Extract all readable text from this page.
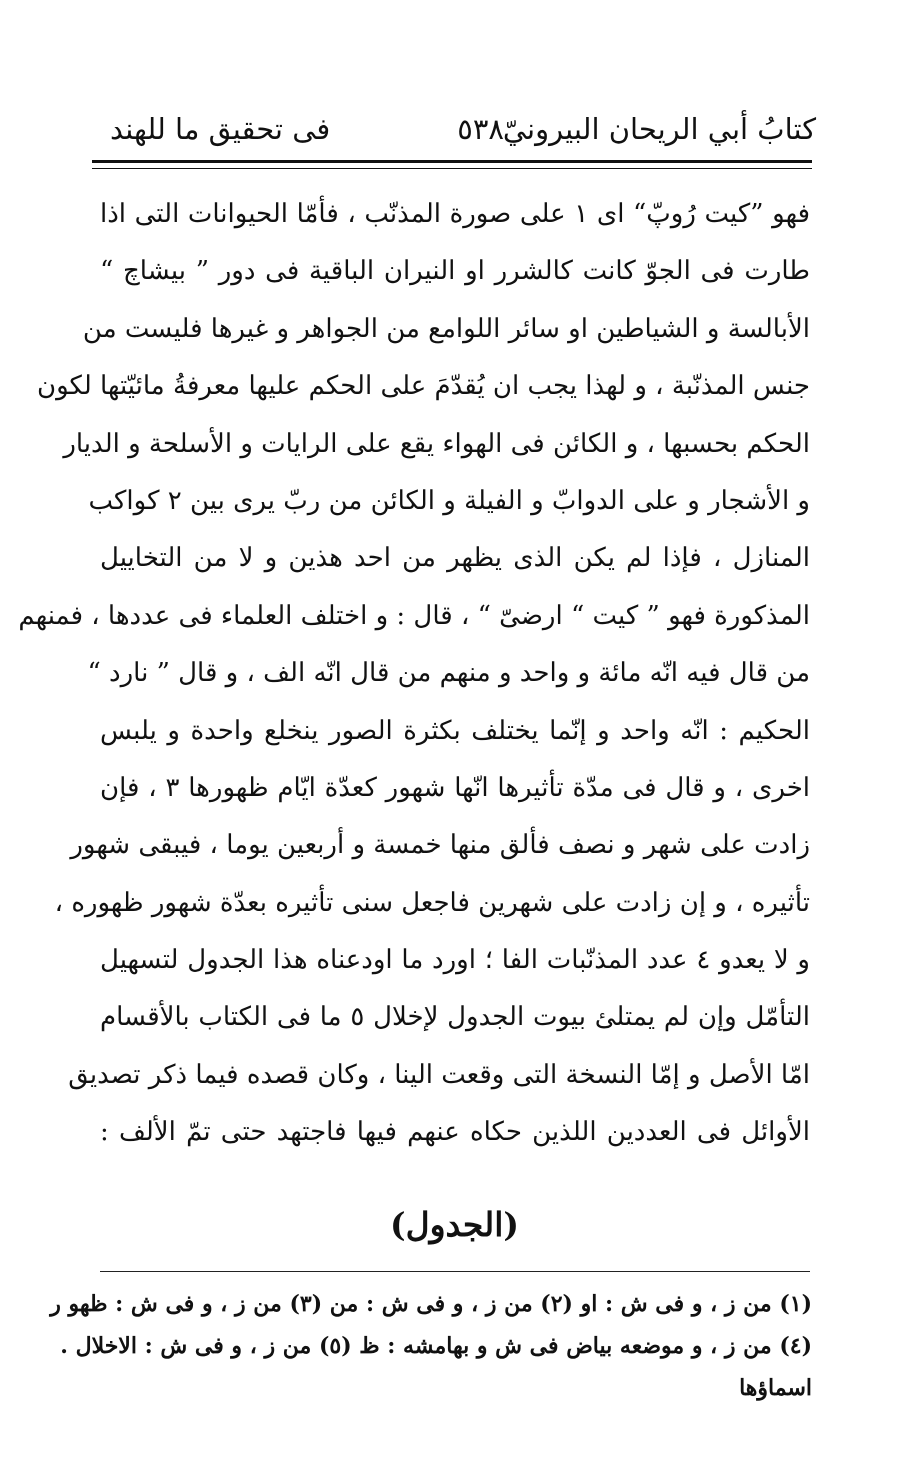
كتابُ أبي الريحان البيرونيّ
٥٣٨
فى تحقيق ما للهند
فهو ”كيت رُوپّ“ اى ١ على صورة المذنّب ، فأمّا الحيوانات التى اذا
طارت فى الجوّ كانت كالشرر او النيران الباقية فى دور ” بيشاچ “
الأبالسة و الشياطين او سائر اللوامع من الجواهر و غيرها فليست من
جنس المذنّبة ، و لهذا يجب ان يُقدّمَ على الحكم عليها معرفةُ مائيّتها لكون
الحكم بحسبها ، و الكائن فى الهواء يقع على الرايات و الأسلحة و الديار
و الأشجار و على الدوابّ و الفيلة و الكائن من ربّ يرى بين ٢ كواكب
المنازل ، فإذا لم يكن الذى يظهر من احد هذين و لا من التخاييل
المذكورة فهو ” كيت “ ارضىّ “ ، قال : و اختلف العلماء فى عددها ، فمنهم
من قال فيه انّه مائة و واحد و منهم من قال انّه الف ، و قال ” نارد “
الحكيم : انّه واحد و إنّما يختلف بكثرة الصور ينخلع واحدة و يلبس
اخرى ، و قال فى مدّة تأثيرها انّها شهور كعدّة ايّام ظهورها ٣ ، فإن
زادت على شهر و نصف فألق منها خمسة و أربعين يوما ، فيبقى شهور
تأثيره ، و إن زادت على شهرين فاجعل سنى تأثيره بعدّة شهور ظهوره ،
و لا يعدو ٤ عدد المذنّبات الفا ؛ اورد ما اودعناه هذا الجدول لتسهيل
التأمّل وإن لم يمتلئ بيوت الجدول لإخلال ٥ ما فى الكتاب بالأقسام
امّا الأصل و إمّا النسخة التى وقعت الينا ، وكان قصده فيما ذكر تصديق
الأوائل فى العددين اللذين حكاه عنهم فيها فاجتهد حتى تمّ الألف :
(الجدول)
(١) من ز ، و فى ش : او (٢) من ز ، و فى ش : من (٣) من ز ، و فى ش : ظهو ر
(٤) من ز ، و موضعه بياض فى ش و بهامشه : ظ (٥) من ز ، و فى ش : الاخلال .
اسماؤها
